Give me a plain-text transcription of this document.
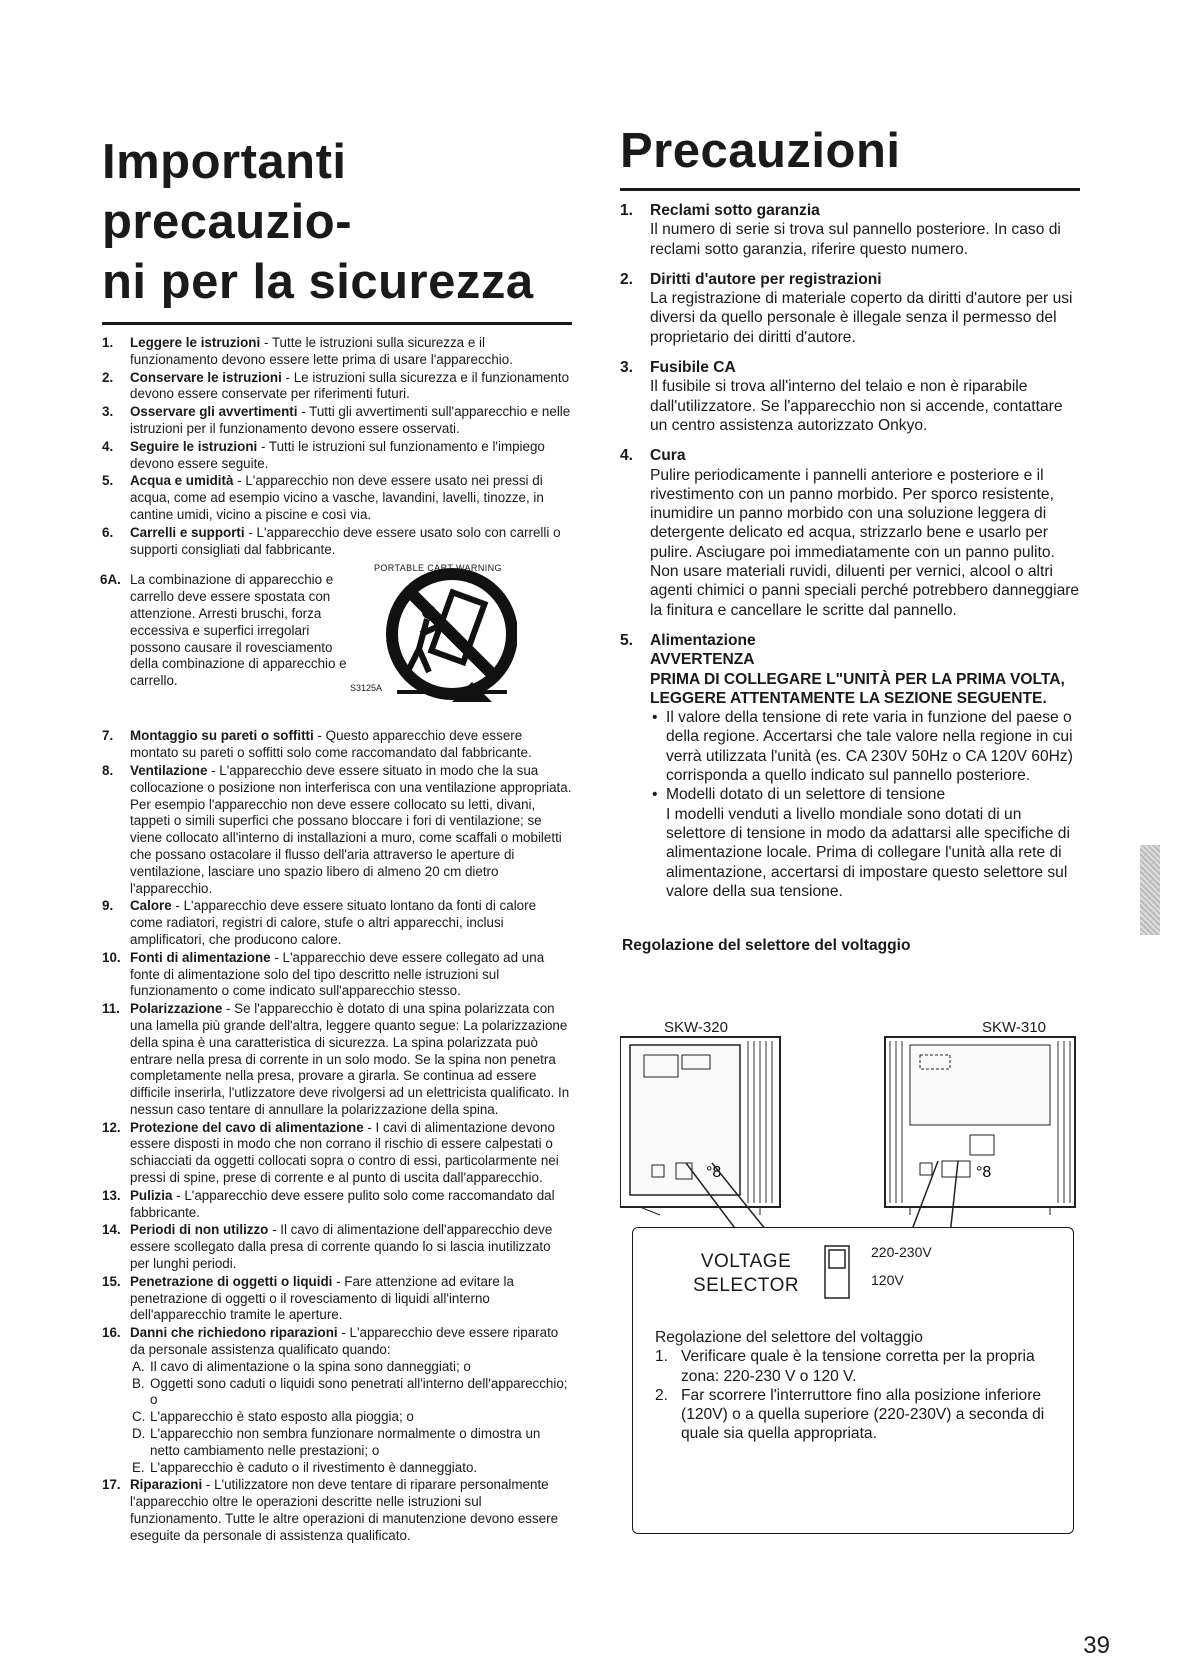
Importanti precauzio-
ni per la sicurezza
1. Leggere le istruzioni - Tutte le istruzioni sulla sicurezza e il funzionamento devono essere lette prima di usare l'apparecchio.
2. Conservare le istruzioni - Le istruzioni sulla sicurezza e il funzionamento devono essere conservate per riferimenti futuri.
3. Osservare gli avvertimenti - Tutti gli avvertimenti sull'apparecchio e nelle istruzioni per il funzionamento devono essere osservati.
4. Seguire le istruzioni - Tutti le istruzioni sul funzionamento e l'impiego devono essere seguite.
5. Acqua e umidità - L'apparecchio non deve essere usato nei pressi di acqua, come ad esempio vicino a vasche, lavandini, lavelli, tinozze, in cantine umidi, vicino a piscine e così via.
6. Carrelli e supporti - L'apparecchio deve essere usato solo con carrelli o supporti consigliati dal fabbricante.
6A. La combinazione di apparecchio e carrello deve essere spostata con attenzione. Arresti bruschi, forza eccessiva e superfici irregolari possono causare il rovesciamento della combinazione di apparecchio e carrello.
PORTABLE CART WARNING
S3125A
7. Montaggio su pareti o soffitti - Questo apparecchio deve essere montato su pareti o soffitti solo come raccomandato dal fabbricante.
8. Ventilazione - L'apparecchio deve essere situato in modo che la sua collocazione o posizione non interferisca con una ventilazione appropriata. Per esempio l'apparecchio non deve essere collocato su letti, divani, tappeti o simili superfici che possano bloccare i fori di ventilazione; se viene collocato all'interno di installazioni a muro, come scaffali o mobiletti che possano ostacolare il flusso dell'aria attraverso le aperture di ventilazione, lasciare uno spazio libero di almeno 20 cm dietro l'apparecchio.
9. Calore - L'apparecchio deve essere situato lontano da fonti di calore come radiatori, registri di calore, stufe o altri apparecchi, inclusi amplificatori, che producono calore.
10. Fonti di alimentazione - L'apparecchio deve essere collegato ad una fonte di alimentazione solo del tipo descritto nelle istruzioni sul funzionamento o come indicato sull'apparecchio stesso.
11. Polarizzazione - Se l'apparecchio è dotato di una spina polarizzata con una lamella più grande dell'altra, leggere quanto segue: La polarizzazione della spina è una caratteristica di sicurezza. La spina polarizzata può entrare nella presa di corrente in un solo modo. Se la spina non penetra completamente nella presa, provare a girarla. Se continua ad essere difficile inserirla, l'utlizzatore deve rivolgersi ad un elettricista qualificato. In nessun caso tentare di annullare la polarizzazione della spina.
12. Protezione del cavo di alimentazione - I cavi di alimentazione devono essere disposti in modo che non corrano il rischio di essere calpestati o schiacciati da oggetti collocati sopra o contro di essi, particolarmente nei pressi di spine, prese di corrente e al punto di uscita dall'apparecchio.
13. Pulizia - L'apparecchio deve essere pulito solo come raccomandato dal fabbricante.
14. Periodi di non utilizzo - Il cavo di alimentazione dell'apparecchio deve essere scollegato dalla presa di corrente quando lo si lascia inutilizzato per lunghi periodi.
15. Penetrazione di oggetti o liquidi - Fare attenzione ad evitare la penetrazione di oggetti o il rovesciamento di liquidi all'interno dell'apparecchio tramite le aperture.
16. Danni che richiedono riparazioni - L'apparecchio deve essere riparato da personale assistenza qualificato quando:
A. Il cavo di alimentazione o la spina sono danneggiati; o
B. Oggetti sono caduti o liquidi sono penetrati all'interno dell'apparecchio; o
C. L'apparecchio è stato esposto alla pioggia; o
D. L'apparecchio non sembra funzionare normalmente o dimostra un netto cambiamento nelle prestazioni; o
E. L'apparecchio è caduto o il rivestimento è danneggiato.
17. Riparazioni - L'utilizzatore non deve tentare di riparare personalmente l'apparecchio oltre le operazioni descritte nelle istruzioni sul funzionamento. Tutte le altre operazioni di manutenzione devono essere eseguite da personale di assistenza qualificato.
Precauzioni
1. Reclami sotto garanzia
Il numero di serie si trova sul pannello posteriore. In caso di reclami sotto garanzia, riferire questo numero.
2. Diritti d'autore per registrazioni
La registrazione di materiale coperto da diritti d'autore per usi diversi da quello personale è illegale senza il permesso del proprietario dei diritti d'autore.
3. Fusibile CA
Il fusibile si trova all'interno del telaio e non è riparabile dall'utilizzatore. Se l'apparecchio non si accende, contattare un centro assistenza autorizzato Onkyo.
4. Cura
Pulire periodicamente i pannelli anteriore e posteriore e il rivestimento con un panno morbido. Per sporco resistente, inumidire un panno morbido con una soluzione leggera di detergente delicato ed acqua, strizzarlo bene e usarlo per pulire. Asciugare poi immediatamente con un panno pulito. Non usare materiali ruvidi, diluenti per vernici, alcool o altri agenti chimici o panni speciali perché potrebbero danneggiare la finitura e cancellare le scritte dal pannello.
5. Alimentazione
AVVERTENZA
PRIMA DI COLLEGARE L"UNITÀ PER LA PRIMA VOLTA, LEGGERE ATTENTAMENTE LA SEZIONE SEGUENTE.
• Il valore della tensione di rete varia in funzione del paese o della regione. Accertarsi che tale valore nella regione in cui verrà utilizzata l'unità (es. CA 230V 50Hz o CA 120V 60Hz) corrisponda a quello indicato sul pannello posteriore.
• Modelli dotato di un selettore di tensione
I modelli venduti a livello mondiale sono dotati di un selettore di tensione in modo da adattarsi alle specifiche di alimentazione locale. Prima di collegare l'unità alla rete di alimentazione, accertarsi di impostare questo selettore sul valore della sua tensione.
Regolazione del selettore del voltaggio
SKW-320	SKW-310
°8	°8
VOLTAGE
SELECTOR
220-230V
120V
Regolazione del selettore del voltaggio
1. Verificare quale è la tensione corretta per la propria zona: 220-230 V o 120 V.
2. Far scorrere l'interruttore fino alla posizione inferiore (120V) o a quella superiore (220-230V) a seconda di quale sia quella appropriata.
39
